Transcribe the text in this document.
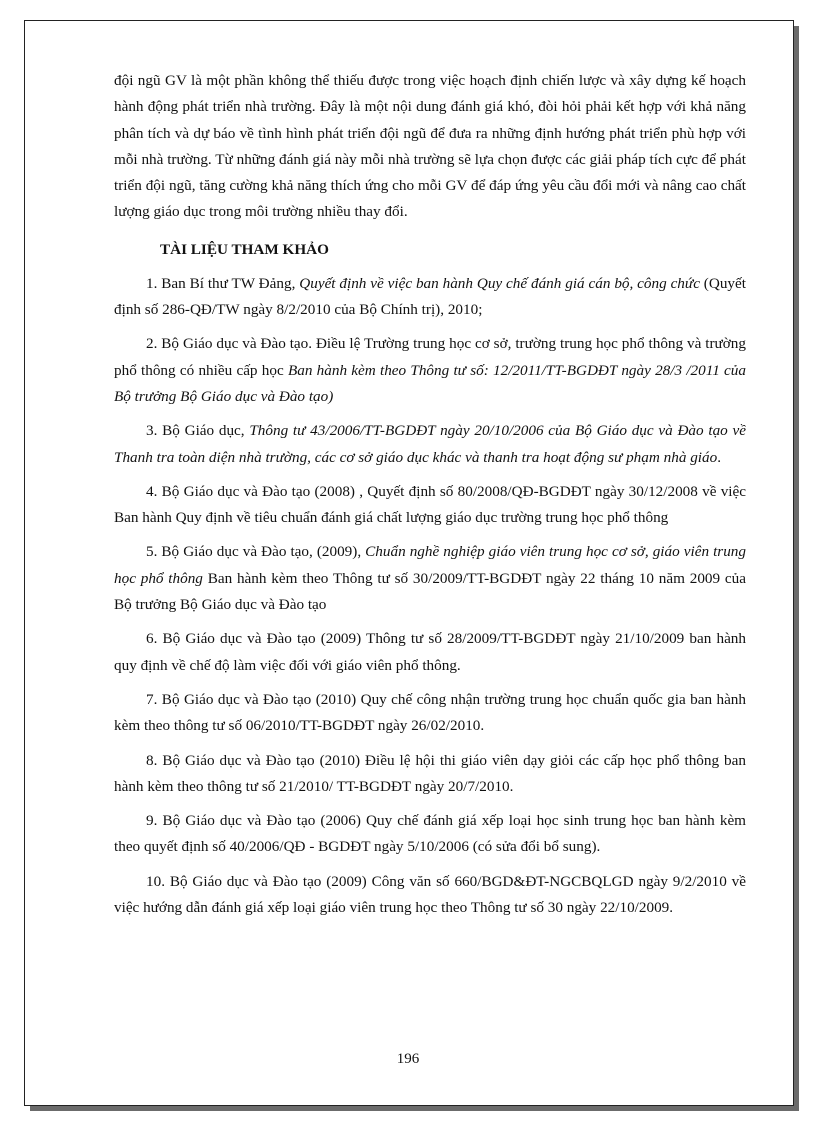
đội ngũ GV là một phần không thể thiếu được trong việc hoạch định chiến lược và xây dựng kế hoạch hành động phát triển nhà trường. Đây là một nội dung đánh giá khó, đòi hỏi phải kết hợp với khả năng phân tích và dự báo về tình hình phát triển đội ngũ để đưa ra những định hướng phát triển phù hợp với mỗi nhà trường. Từ những đánh giá này mỗi nhà trường sẽ lựa chọn được các giải pháp tích cực để phát triển đội ngũ, tăng cường khả năng thích ứng cho mỗi GV để đáp ứng yêu cầu đổi mới và nâng cao chất lượng giáo dục trong môi trường nhiều thay đổi.

TÀI LIỆU THAM KHẢO

1. Ban Bí thư TW Đảng, Quyết định về việc ban hành Quy chế đánh giá cán bộ, công chức (Quyết định số 286-QĐ/TW ngày 8/2/2010 của Bộ Chính trị), 2010;

2. Bộ Giáo dục và Đào tạo. Điều lệ Trường trung học cơ sở, trường trung học phổ thông và trường phổ thông có nhiều cấp học Ban hành kèm theo Thông tư số: 12/2011/TT-BGDĐT ngày 28/3 /2011 của Bộ trưởng Bộ Giáo dục và Đào tạo)

3. Bộ Giáo dục, Thông tư 43/2006/TT-BGDĐT ngày 20/10/2006 của Bộ Giáo dục và Đào tạo về Thanh tra toàn diện nhà trường, các cơ sở giáo dục khác và thanh tra hoạt động sư phạm nhà giáo.

4. Bộ Giáo dục và Đào tạo (2008) , Quyết định số 80/2008/QĐ-BGDĐT ngày 30/12/2008 về việc Ban hành Quy định về tiêu chuẩn đánh giá chất lượng giáo dục trường trung học phổ thông

5. Bộ Giáo dục và Đào tạo, (2009), Chuẩn nghề nghiệp giáo viên trung học cơ sở, giáo viên trung học phổ thông Ban hành kèm theo Thông tư số 30/2009/TT-BGDĐT ngày 22 tháng 10 năm 2009 của Bộ trưởng Bộ Giáo dục và Đào tạo

6. Bộ Giáo dục và Đào tạo (2009) Thông tư số 28/2009/TT-BGDĐT ngày 21/10/2009 ban hành quy định về chế độ làm việc đối với giáo viên phổ thông.

7. Bộ Giáo dục và Đào tạo (2010) Quy chế công nhận trường trung học chuẩn quốc gia ban hành kèm theo thông tư số 06/2010/TT-BGDĐT ngày 26/02/2010.

8. Bộ Giáo dục và Đào tạo (2010) Điều lệ hội thi giáo viên dạy giỏi các cấp học phổ thông ban hành kèm theo thông tư số 21/2010/ TT-BGDĐT ngày 20/7/2010.

9. Bộ Giáo dục và Đào tạo (2006) Quy chế đánh giá xếp loại học sinh trung học ban hành kèm theo quyết định số 40/2006/QĐ - BGDĐT ngày 5/10/2006 (có sửa đổi bổ sung).

10. Bộ Giáo dục và Đào tạo (2009) Công văn số 660/BGD&ĐT-NGCBQLGD ngày 9/2/2010 về việc hướng dẫn đánh giá xếp loại giáo viên trung học theo Thông tư số 30 ngày 22/10/2009.

196
